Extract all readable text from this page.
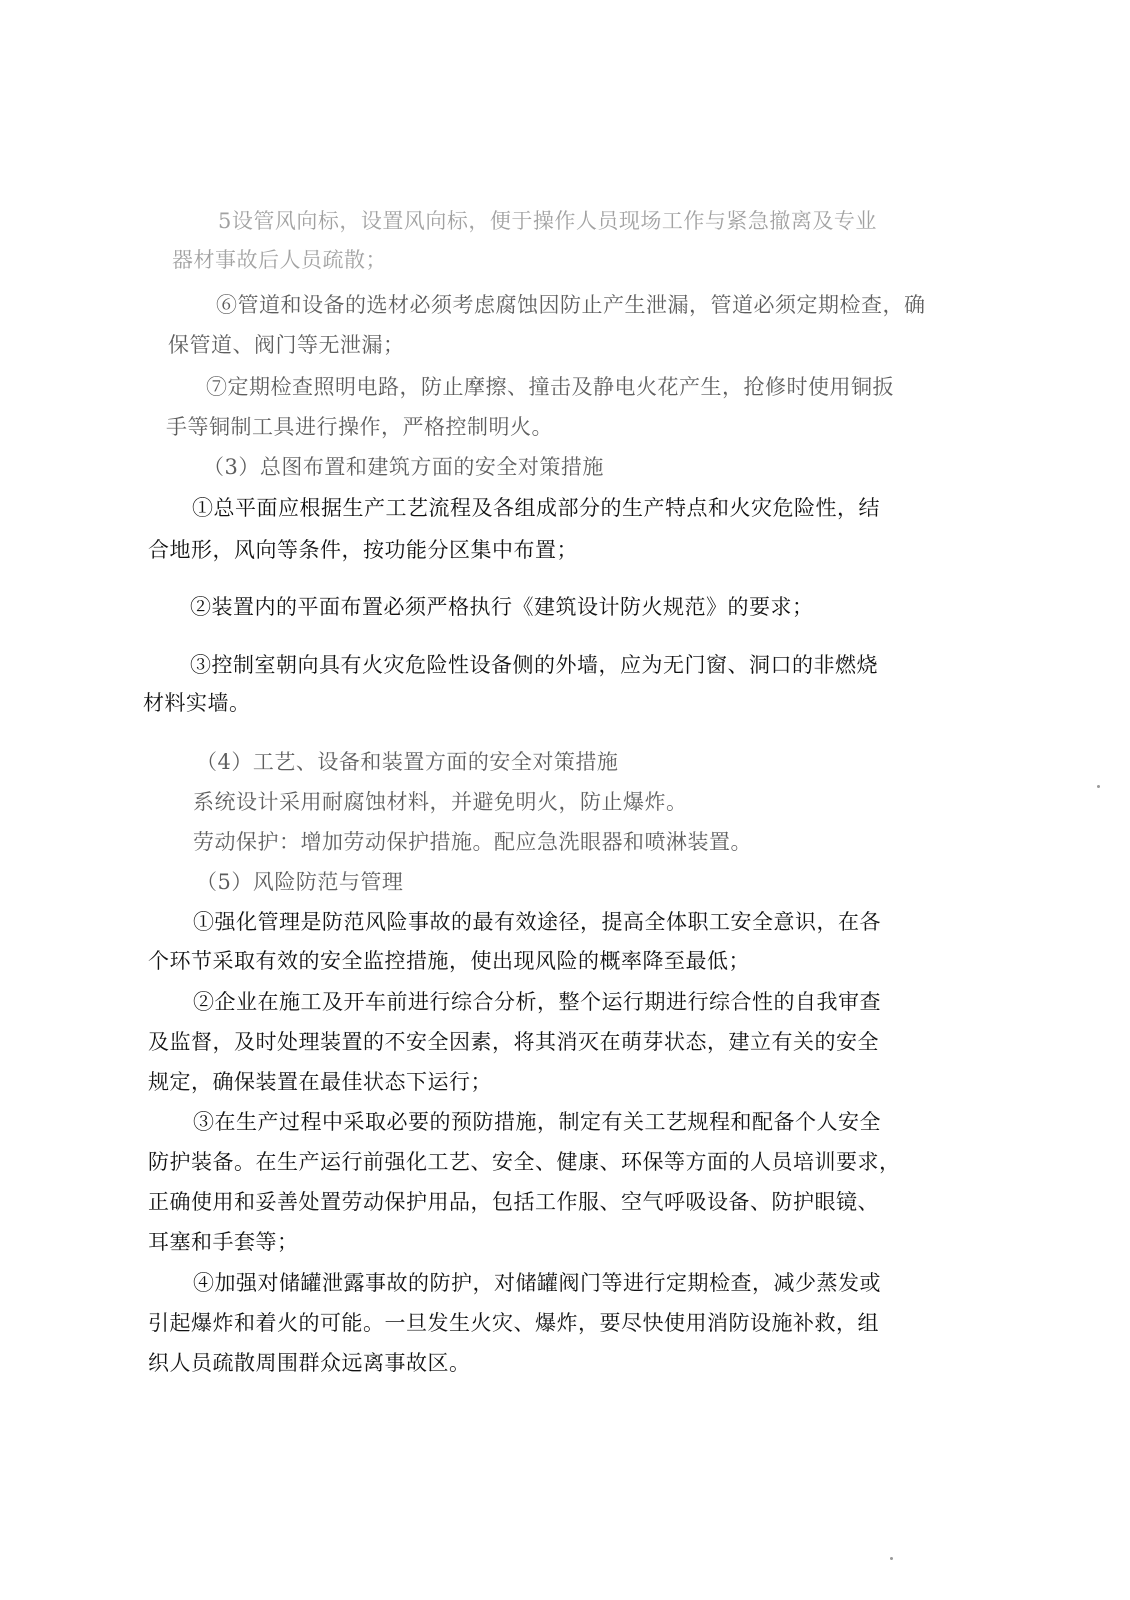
5设管风向标，设置风向标，便于操作人员现场工作与紧急撤离及专业
器材事故后人员疏散；
⑥管道和设备的选材必须考虑腐蚀因防止产生泄漏，管道必须定期检查，确
保管道、阀门等无泄漏；
⑦定期检查照明电路，防止摩擦、撞击及静电火花产生，抢修时使用铜扳
手等铜制工具进行操作，严格控制明火。
（3）总图布置和建筑方面的安全对策措施
①总平面应根据生产工艺流程及各组成部分的生产特点和火灾危险性，结
合地形，风向等条件，按功能分区集中布置；
②装置内的平面布置必须严格执行《建筑设计防火规范》的要求；
③控制室朝向具有火灾危险性设备侧的外墙，应为无门窗、洞口的非燃烧
材料实墙。
（4）工艺、设备和装置方面的安全对策措施
系统设计采用耐腐蚀材料，并避免明火，防止爆炸。
劳动保护：增加劳动保护措施。配应急洗眼器和喷淋装置。
（5）风险防范与管理
①强化管理是防范风险事故的最有效途径，提高全体职工安全意识，在各
个环节采取有效的安全监控措施，使出现风险的概率降至最低；
②企业在施工及开车前进行综合分析，整个运行期进行综合性的自我审查
及监督，及时处理装置的不安全因素，将其消灭在萌芽状态，建立有关的安全
规定，确保装置在最佳状态下运行；
③在生产过程中采取必要的预防措施，制定有关工艺规程和配备个人安全
防护装备。在生产运行前强化工艺、安全、健康、环保等方面的人员培训要求，
正确使用和妥善处置劳动保护用品，包括工作服、空气呼吸设备、防护眼镜、
耳塞和手套等；
④加强对储罐泄露事故的防护，对储罐阀门等进行定期检查，减少蒸发或
引起爆炸和着火的可能。一旦发生火灾、爆炸，要尽快使用消防设施补救，组
织人员疏散周围群众远离事故区。
